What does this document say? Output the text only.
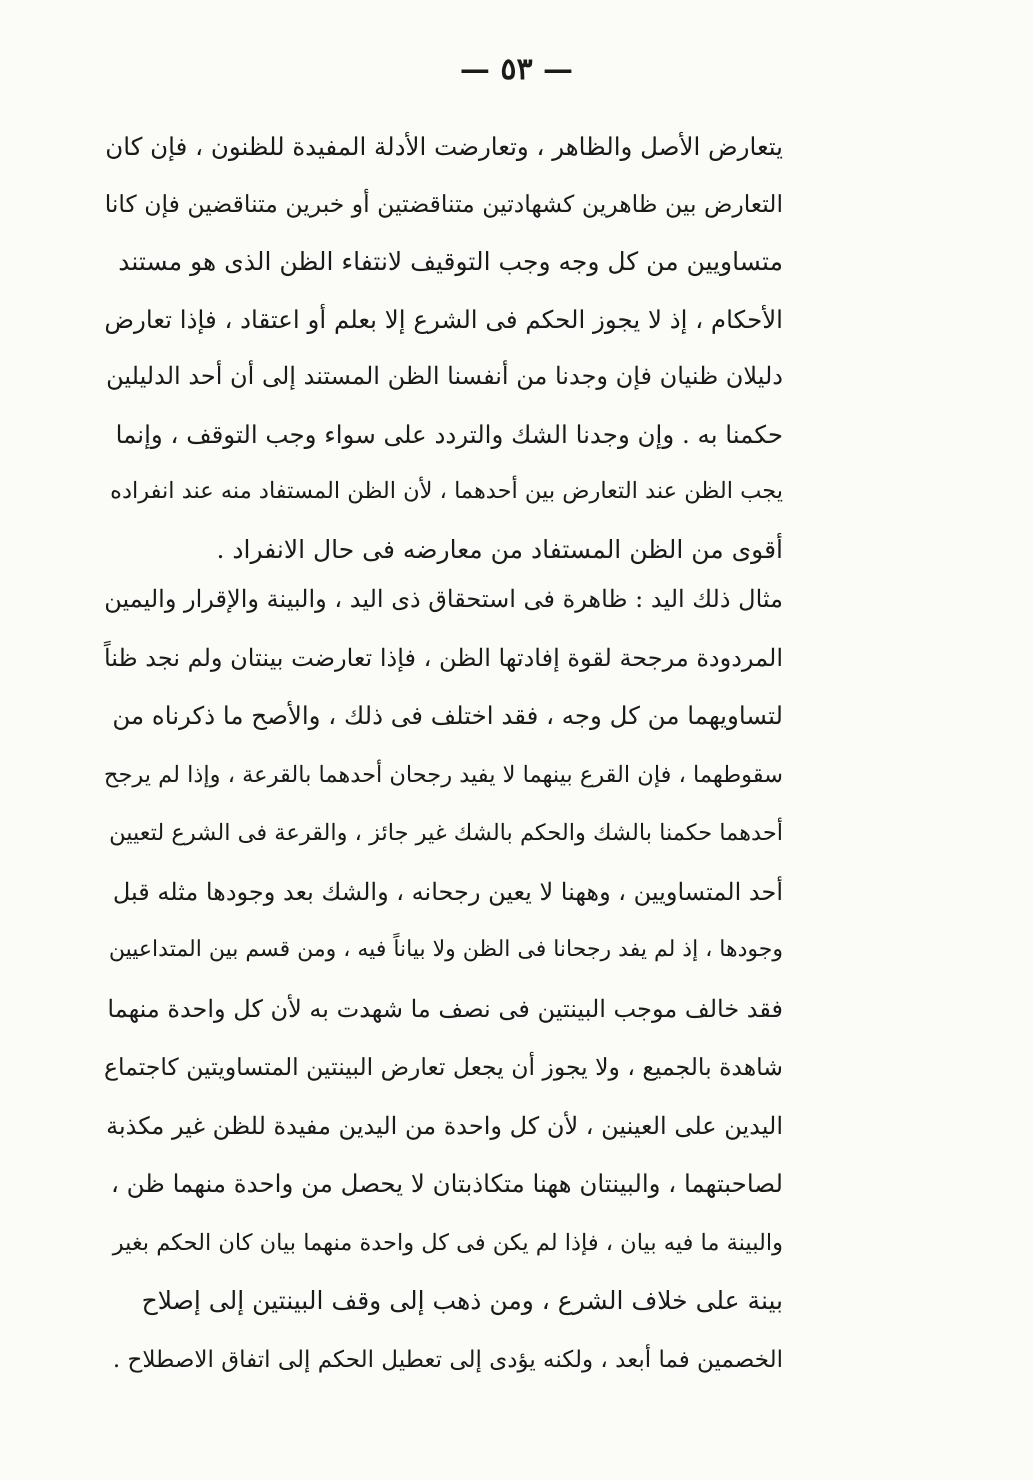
— ٥٣ —
يتعارض الأصل والظاهر ، وتعارضت الأدلة المفيدة للظنون ، فإن كان
التعارض بين ظاهرين كشهادتين متناقضتين أو خبرين متناقضين فإن كانا
متساويين من كل وجه وجب التوقيف لانتفاء الظن الذى هو مستند
الأحكام ، إذ لا يجوز الحكم فى الشرع إلا بعلم أو اعتقاد ، فإذا تعارض
دليلان ظنيان فإن وجدنا من أنفسنا الظن المستند إلى أن أحد الدليلين
حكمنا به . وإن وجدنا الشك والتردد على سواء وجب التوقف ، وإنما
يجب الظن عند التعارض بين أحدهما ، لأن الظن المستفاد منه عند انفراده
أقوى من الظن المستفاد من معارضه فى حال الانفراد .
مثال ذلك اليد : ظاهرة فى استحقاق ذى اليد ، والبينة والإقرار واليمين
المردودة مرجحة لقوة إفادتها الظن ، فإذا تعارضت بينتان ولم نجد ظناً
لتساويهما من كل وجه ، فقد اختلف فى ذلك ، والأصح ما ذكرناه من
سقوطهما ، فإن القرع بينهما لا يفيد رجحان أحدهما بالقرعة ، وإذا لم يرجح
أحدهما حكمنا بالشك والحكم بالشك غير جائز ، والقرعة فى الشرع لتعيين
أحد المتساويين ، وههنا لا يعين رجحانه ، والشك بعد وجودها مثله قبل
وجودها ، إذ لم يفد رجحانا فى الظن ولا بياناً فيه ، ومن قسم بين المتداعيين
فقد خالف موجب البينتين فى نصف ما شهدت به لأن كل واحدة منهما
شاهدة بالجميع ، ولا يجوز أن يجعل تعارض البينتين المتساويتين كاجتماع
اليدين على العينين ، لأن كل واحدة من اليدين مفيدة للظن غير مكذبة
لصاحبتهما ، والبينتان ههنا متكاذبتان لا يحصل من واحدة منهما ظن ،
والبينة ما فيه بيان ، فإذا لم يكن فى كل واحدة منهما بيان كان الحكم بغير
بينة على خلاف الشرع ، ومن ذهب إلى وقف البينتين إلى إصلاح
الخصمين فما أبعد ، ولكنه يؤدى إلى تعطيل الحكم إلى اتفاق الاصطلاح .
